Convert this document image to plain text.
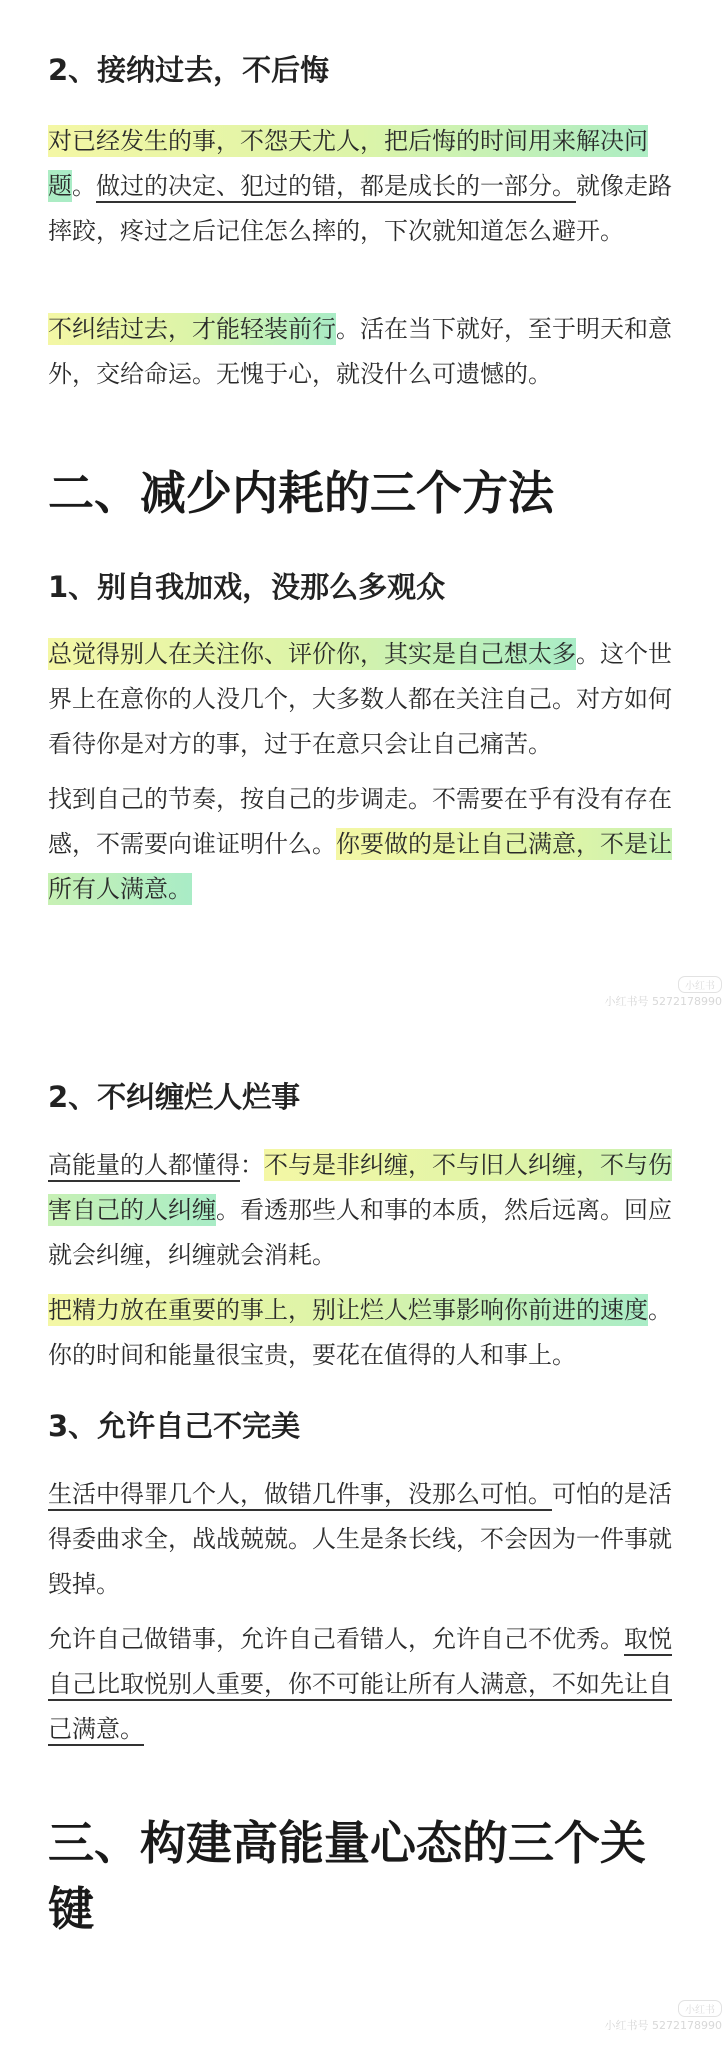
2、接纳过去，不后悔
对已经发生的事，不怨天尤人，把后悔的时间用来解决问题。做过的决定、犯过的错，都是成长的一部分。就像走路摔跤，疼过之后记住怎么摔的，下次就知道怎么避开。
不纠结过去，才能轻装前行。活在当下就好，至于明天和意外，交给命运。无愧于心，就没什么可遗憾的。
二、减少内耗的三个方法
1、别自我加戏，没那么多观众
总觉得别人在关注你、评价你，其实是自己想太多。这个世界上在意你的人没几个，大多数人都在关注自己。对方如何看待你是对方的事，过于在意只会让自己痛苦。
找到自己的节奏，按自己的步调走。不需要在乎有没有存在感，不需要向谁证明什么。你要做的是让自己满意，不是让所有人满意。
小红书
小红书号 5272178990
2、不纠缠烂人烂事
高能量的人都懂得：不与是非纠缠，不与旧人纠缠，不与伤害自己的人纠缠。看透那些人和事的本质，然后远离。回应就会纠缠，纠缠就会消耗。
把精力放在重要的事上，别让烂人烂事影响你前进的速度。你的时间和能量很宝贵，要花在值得的人和事上。
3、允许自己不完美
生活中得罪几个人，做错几件事，没那么可怕。可怕的是活得委曲求全，战战兢兢。人生是条长线，不会因为一件事就毁掉。
允许自己做错事，允许自己看错人，允许自己不优秀。取悦自己比取悦别人重要，你不可能让所有人满意，不如先让自己满意。
三、构建高能量心态的三个关键
小红书
小红书号 5272178990
